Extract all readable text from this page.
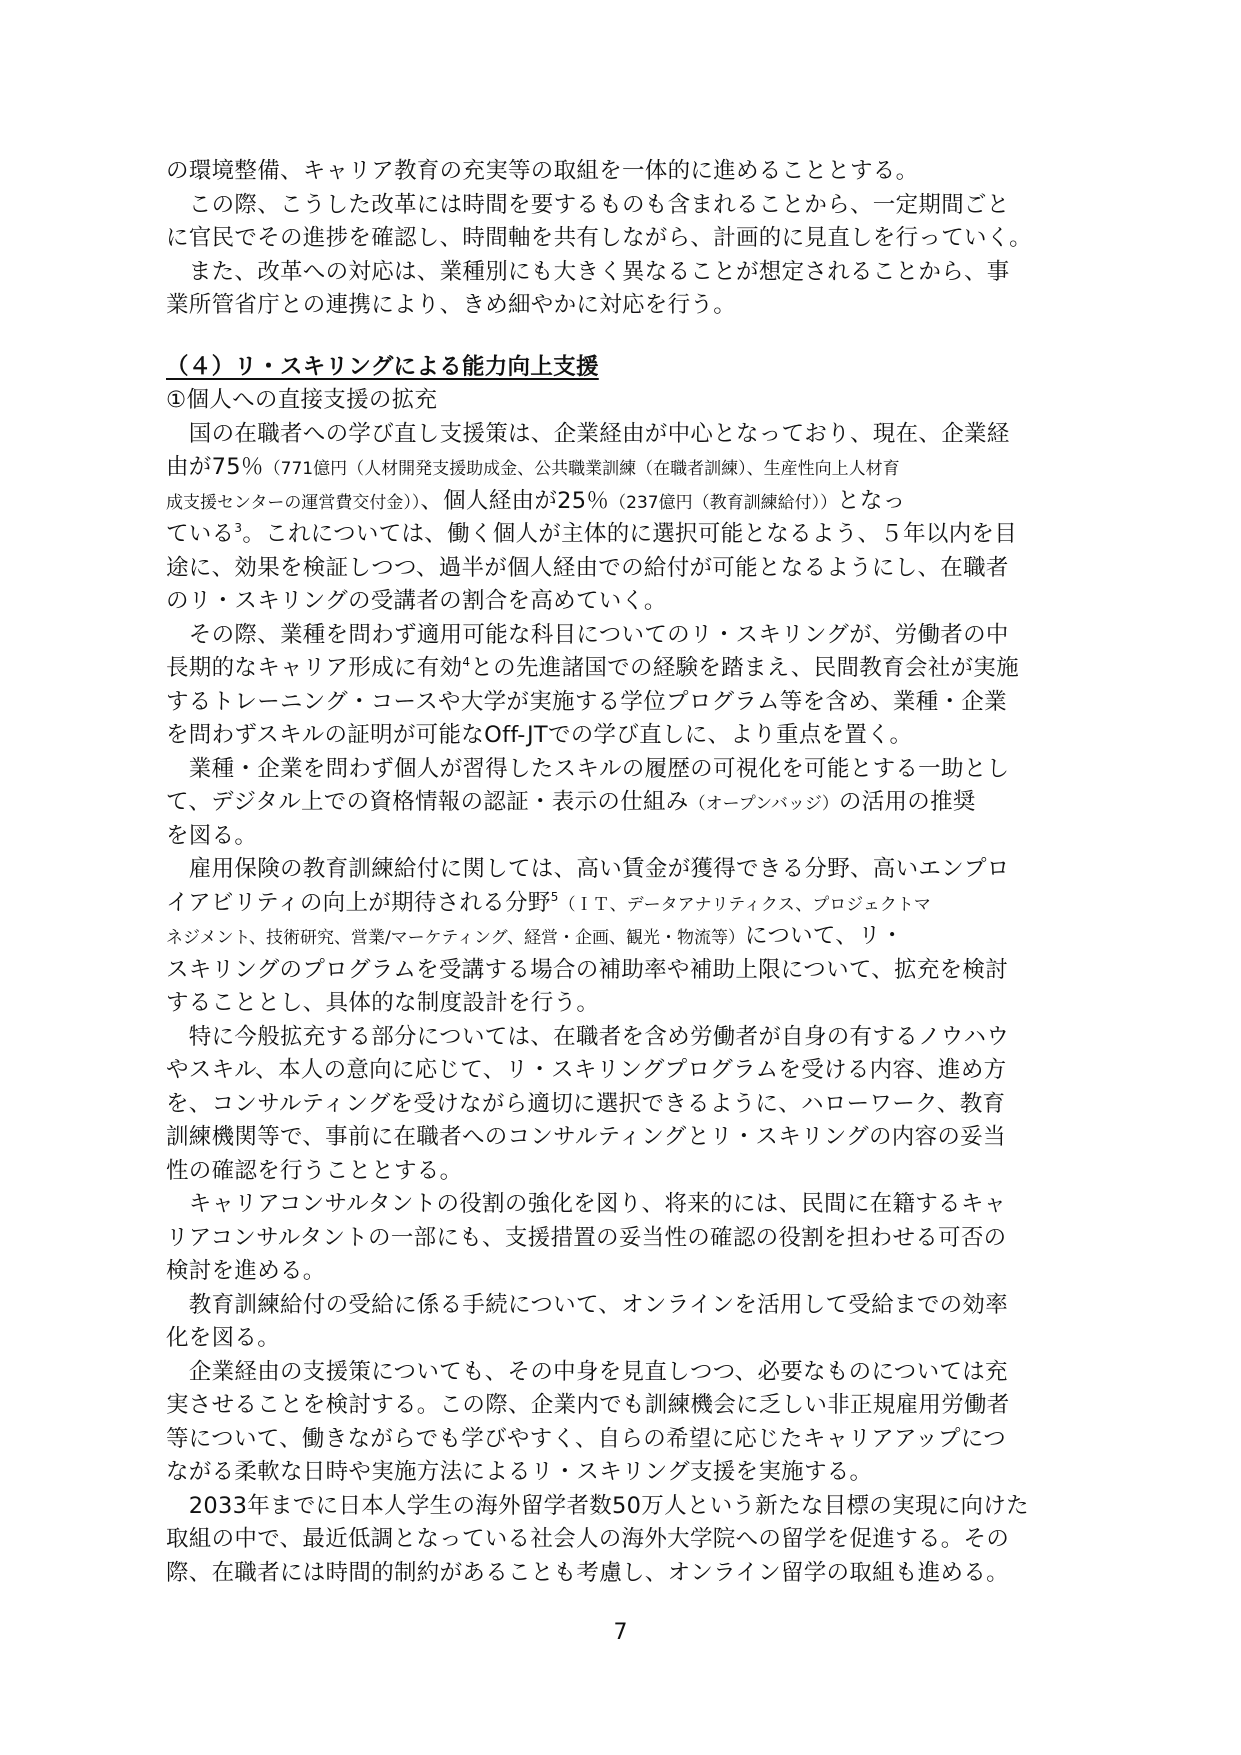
の環境整備、キャリア教育の充実等の取組を一体的に進めることとする。
　この際、こうした改革には時間を要するものも含まれることから、一定期間ごと
に官民でその進捗を確認し、時間軸を共有しながら、計画的に見直しを行っていく。
　また、改革への対応は、業種別にも大きく異なることが想定されることから、事
業所管省庁との連携により、きめ細やかに対応を行う。
（４）リ・スキリングによる能力向上支援
①個人への直接支援の拡充
　国の在職者への学び直し支援策は、企業経由が中心となっており、現在、企業経
由が75％（771億円（人材開発支援助成金、公共職業訓練（在職者訓練）、生産性向上人材育
成支援センターの運営費交付金））、個人経由が25％（237億円（教育訓練給付））となっ
ている$^3$。これについては、働く個人が主体的に選択可能となるよう、５年以内を目
途に、効果を検証しつつ、過半が個人経由での給付が可能となるようにし、在職者
のリ・スキリングの受講者の割合を高めていく。
　その際、業種を問わず適用可能な科目についてのリ・スキリングが、労働者の中
長期的なキャリア形成に有効$^4$との先進諸国での経験を踏まえ、民間教育会社が実施
するトレーニング・コースや大学が実施する学位プログラム等を含め、業種・企業
を問わずスキルの証明が可能なOff-JTでの学び直しに、より重点を置く。
　業種・企業を問わず個人が習得したスキルの履歴の可視化を可能とする一助とし
て、デジタル上での資格情報の認証・表示の仕組み（オープンバッジ）の活用の推奨
を図る。
　雇用保険の教育訓練給付に関しては、高い賃金が獲得できる分野、高いエンプロ
イアビリティの向上が期待される分野$^5$（ＩＴ、データアナリティクス、プロジェクトマ
ネジメント、技術研究、営業/マーケティング、経営・企画、観光・物流等）について、リ・
スキリングのプログラムを受講する場合の補助率や補助上限について、拡充を検討
することとし、具体的な制度設計を行う。
　特に今般拡充する部分については、在職者を含め労働者が自身の有するノウハウ
やスキル、本人の意向に応じて、リ・スキリングプログラムを受ける内容、進め方
を、コンサルティングを受けながら適切に選択できるように、ハローワーク、教育
訓練機関等で、事前に在職者へのコンサルティングとリ・スキリングの内容の妥当
性の確認を行うこととする。
　キャリアコンサルタントの役割の強化を図り、将来的には、民間に在籍するキャ
リアコンサルタントの一部にも、支援措置の妥当性の確認の役割を担わせる可否の
検討を進める。
　教育訓練給付の受給に係る手続について、オンラインを活用して受給までの効率
化を図る。
　企業経由の支援策についても、その中身を見直しつつ、必要なものについては充
実させることを検討する。この際、企業内でも訓練機会に乏しい非正規雇用労働者
等について、働きながらでも学びやすく、自らの希望に応じたキャリアアップにつ
ながる柔軟な日時や実施方法によるリ・スキリング支援を実施する。
　2033年までに日本人学生の海外留学者数50万人という新たな目標の実現に向けた
取組の中で、最近低調となっている社会人の海外大学院への留学を促進する。その
際、在職者には時間的制約があることも考慮し、オンライン留学の取組も進める。
7
